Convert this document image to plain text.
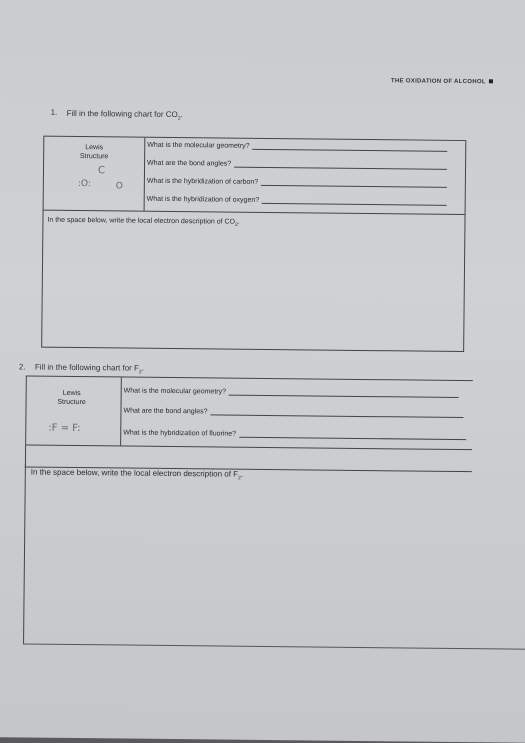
THE OXIDATION OF ALCOHOL
1. Fill in the following chart for $CO_2$.
Lewis
Structure
C
:O:	O
What is the molecular geometry?
What are the bond angles?
What is the hybridization of carbon?
What is the hybridization of oxygen?
In the space below, write the local electron description of $CO_2$.
2. Fill in the following chart for $F_2$.
Lewis
Structure
:F = F:
What is the molecular geometry?
What are the bond angles?
What is the hybridization of fluorine?
In the space below, write the local electron description of $F_2$.
